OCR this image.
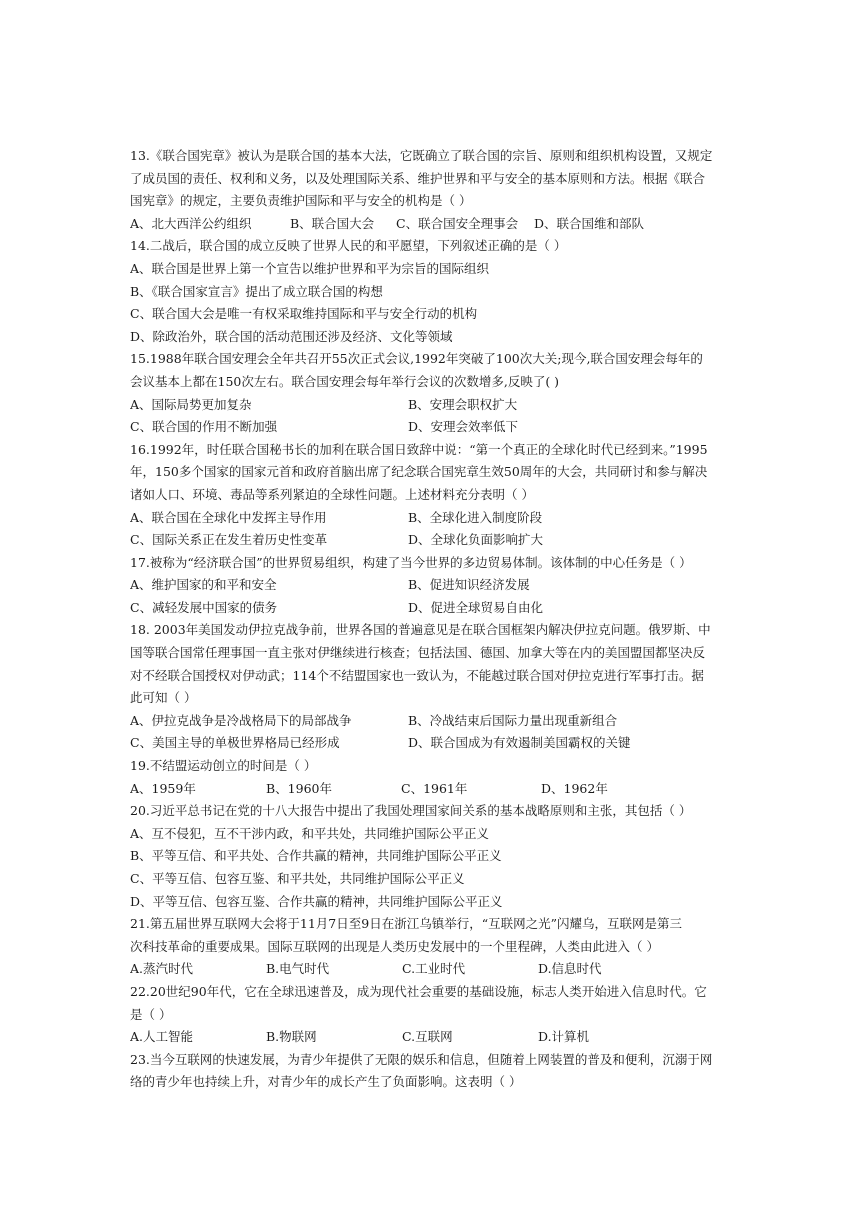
13.《联合国宪章》被认为是联合国的基本大法，它既确立了联合国的宗旨、原则和组织机构设置，又规定
了成员国的责任、权利和义务，以及处理国际关系、维护世界和平与安全的基本原则和方法。根据《联合
国宪章》的规定，主要负责维护国际和平与安全的机构是（ ）
A、北大西洋公约组织	B、联合国大会	C、联合国安全理事会	D、联合国维和部队
14.二战后，联合国的成立反映了世界人民的和平愿望，下列叙述正确的是（ ）
A、联合国是世界上第一个宣告以维护世界和平为宗旨的国际组织
B、《联合国家宣言》提出了成立联合国的构想
C、联合国大会是唯一有权采取维持国际和平与安全行动的机构
D、除政治外，联合国的活动范围还涉及经济、文化等领域
15.1988年联合国安理会全年共召开55次正式会议,1992年突破了100次大关;现今,联合国安理会每年的
会议基本上都在150次左右。联合国安理会每年举行会议的次数增多,反映了( )
A、国际局势更加复杂	B、安理会职权扩大
C、联合国的作用不断加强	D、安理会效率低下
16.1992年，时任联合国秘书长的加利在联合国日致辞中说：“第一个真正的全球化时代已经到来。”1995
年，150多个国家的国家元首和政府首脑出席了纪念联合国宪章生效50周年的大会，共同研讨和参与解决
诸如人口、环境、毒品等系列紧迫的全球性问题。上述材料充分表明（ ）
A、联合国在全球化中发挥主导作用	B、全球化进入制度阶段
C、国际关系正在发生着历史性变革	D、全球化负面影响扩大
17.被称为“经济联合国”的世界贸易组织，构建了当今世界的多边贸易体制。该体制的中心任务是（ ）
A、维护国家的和平和安全	B、促进知识经济发展
C、减轻发展中国家的债务	D、促进全球贸易自由化
18. 2003年美国发动伊拉克战争前，世界各国的普遍意见是在联合国框架内解决伊拉克问题。俄罗斯、中
国等联合国常任理事国一直主张对伊继续进行核查；包括法国、德国、加拿大等在内的美国盟国都坚决反
对不经联合国授权对伊动武；114个不结盟国家也一致认为，不能越过联合国对伊拉克进行军事打击。据
此可知（ ）
A、伊拉克战争是冷战格局下的局部战争	B、冷战结束后国际力量出现重新组合
C、美国主导的单极世界格局已经形成	D、联合国成为有效遏制美国霸权的关键
19.不结盟运动创立的时间是（ ）
A、1959年	B、1960年	C、1961年	D、1962年
20.习近平总书记在党的十八大报告中提出了我国处理国家间关系的基本战略原则和主张，其包括（ ）
A、互不侵犯，互不干涉内政，和平共处，共同维护国际公平正义
B、平等互信、和平共处、合作共赢的精神，共同维护国际公平正义
C、平等互信、包容互鉴、和平共处，共同维护国际公平正义
D、平等互信、包容互鉴、合作共赢的精神，共同维护国际公平正义
21.第五届世界互联网大会将于11月7日至9日在浙江乌镇举行，“互联网之光”闪耀乌，互联网是第三
次科技革命的重要成果。国际互联网的出现是人类历史发展中的一个里程碑，人类由此进入（ ）
A.蒸汽时代	B.电气时代	C.工业时代	D.信息时代
22.20世纪90年代，它在全球迅速普及，成为现代社会重要的基础设施，标志人类开始进入信息时代。它
是（ ）
A.人工智能	B.物联网	C.互联网	D.计算机
23.当今互联网的快速发展，为青少年提供了无限的娱乐和信息，但随着上网装置的普及和便利，沉溺于网
络的青少年也持续上升，对青少年的成长产生了负面影响。这表明（ ）
